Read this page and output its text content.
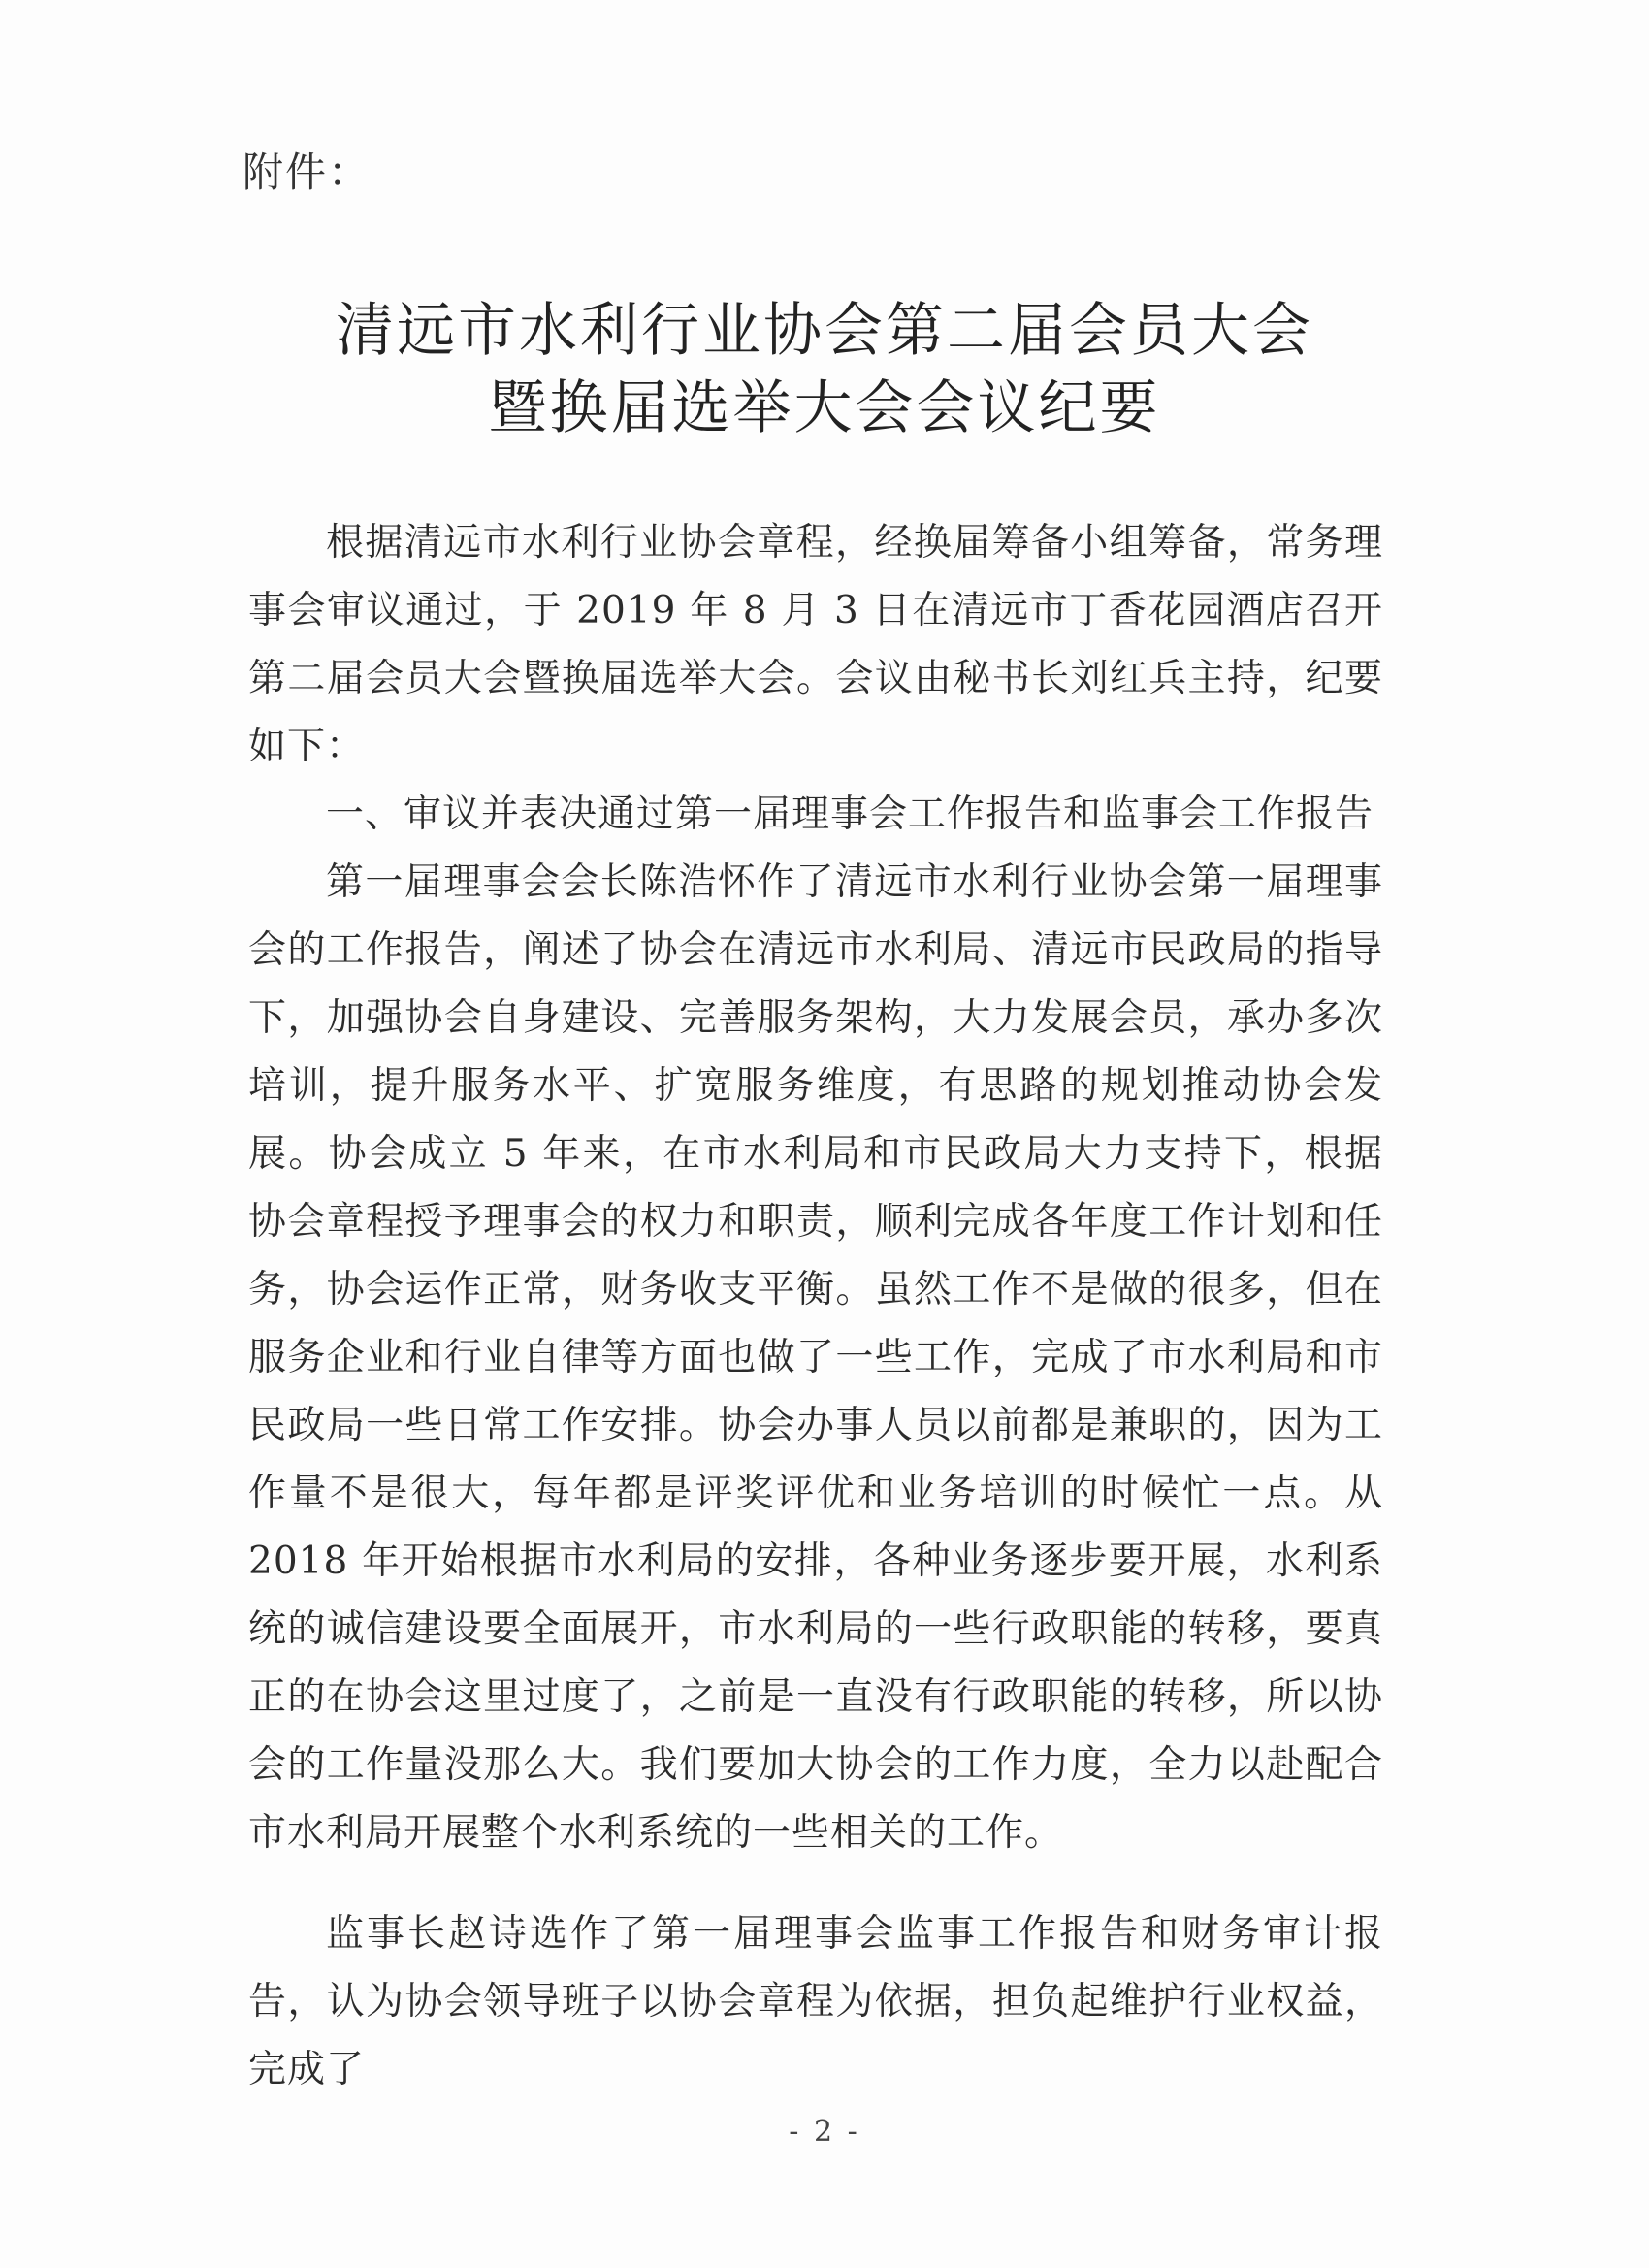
附件：
清远市水利行业协会第二届会员大会
暨换届选举大会会议纪要

根据清远市水利行业协会章程，经换届筹备小组筹备，常务理事会审议通过，于 2019 年 8 月 3 日在清远市丁香花园酒店召开第二届会员大会暨换届选举大会。会议由秘书长刘红兵主持，纪要如下：

一、审议并表决通过第一届理事会工作报告和监事会工作报告

第一届理事会会长陈浩怀作了清远市水利行业协会第一届理事会的工作报告，阐述了协会在清远市水利局、清远市民政局的指导下，加强协会自身建设、完善服务架构，大力发展会员，承办多次培训，提升服务水平、扩宽服务维度，有思路的规划推动协会发展。协会成立 5 年来，在市水利局和市民政局大力支持下，根据协会章程授予理事会的权力和职责，顺利完成各年度工作计划和任务，协会运作正常，财务收支平衡。虽然工作不是做的很多，但在服务企业和行业自律等方面也做了一些工作，完成了市水利局和市民政局一些日常工作安排。协会办事人员以前都是兼职的，因为工作量不是很大，每年都是评奖评优和业务培训的时候忙一点。从 2018 年开始根据市水利局的安排，各种业务逐步要开展，水利系统的诚信建设要全面展开，市水利局的一些行政职能的转移，要真正的在协会这里过度了，之前是一直没有行政职能的转移，所以协会的工作量没那么大。我们要加大协会的工作力度，全力以赴配合市水利局开展整个水利系统的一些相关的工作。

监事长赵诗选作了第一届理事会监事工作报告和财务审计报告，认为协会领导班子以协会章程为依据，担负起维护行业权益，完成了

- 2 -
